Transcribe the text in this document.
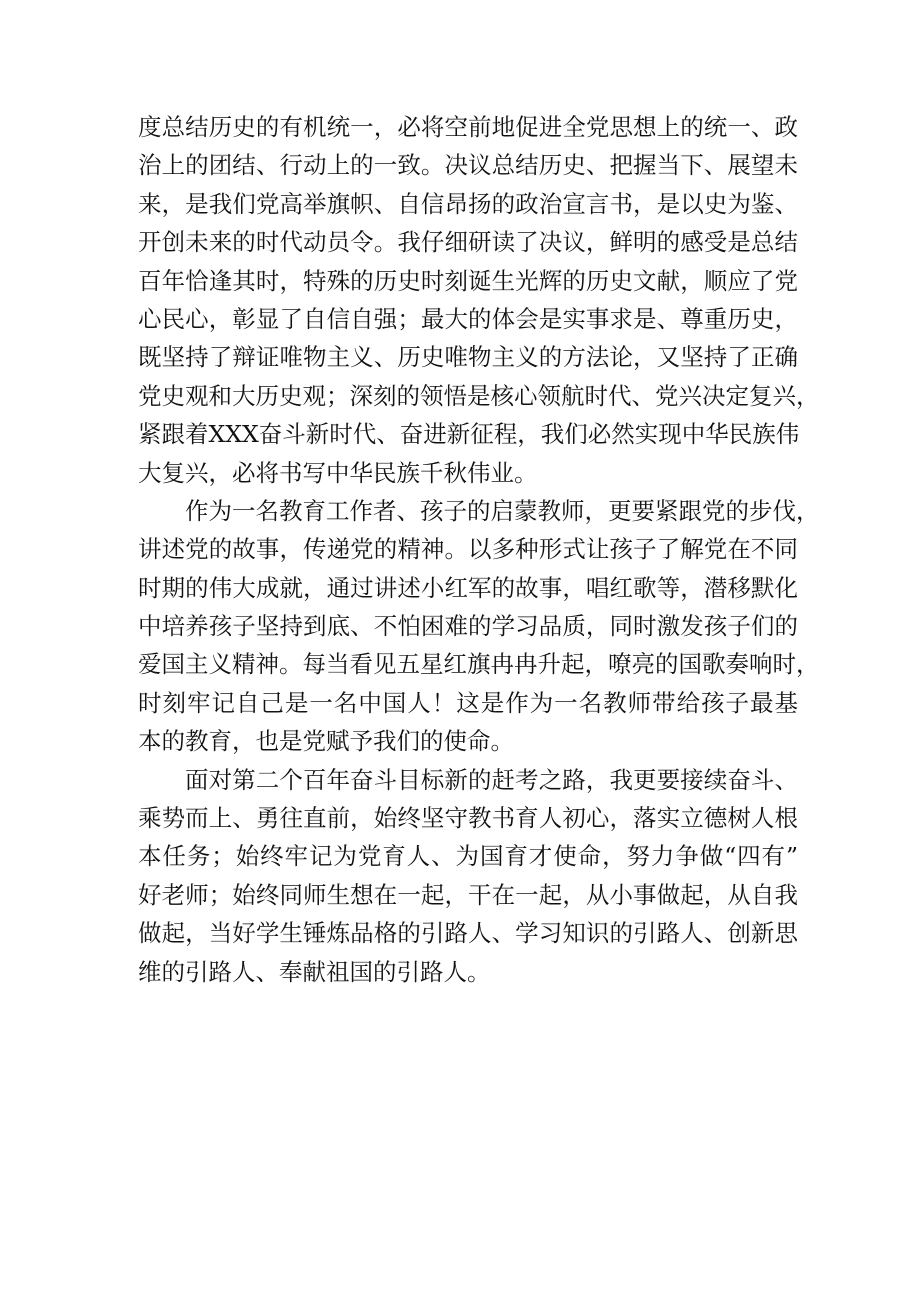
度总结历史的有机统一，必将空前地促进全党思想上的统一、政
治上的团结、行动上的一致。决议总结历史、把握当下、展望未
来，是我们党高举旗帜、自信昂扬的政治宣言书，是以史为鉴、
开创未来的时代动员令。我仔细研读了决议，鲜明的感受是总结
百年恰逢其时，特殊的历史时刻诞生光辉的历史文献，顺应了党
心民心，彰显了自信自强；最大的体会是实事求是、尊重历史，
既坚持了辩证唯物主义、历史唯物主义的方法论，又坚持了正确
党史观和大历史观；深刻的领悟是核心领航时代、党兴决定复兴，
紧跟着XXX奋斗新时代、奋进新征程，我们必然实现中华民族伟
大复兴，必将书写中华民族千秋伟业。
作为一名教育工作者、孩子的启蒙教师，更要紧跟党的步伐，
讲述党的故事，传递党的精神。以多种形式让孩子了解党在不同
时期的伟大成就，通过讲述小红军的故事，唱红歌等，潜移默化
中培养孩子坚持到底、不怕困难的学习品质，同时激发孩子们的
爱国主义精神。每当看见五星红旗冉冉升起，嘹亮的国歌奏响时，
时刻牢记自己是一名中国人！这是作为一名教师带给孩子最基
本的教育，也是党赋予我们的使命。
面对第二个百年奋斗目标新的赶考之路，我更要接续奋斗、
乘势而上、勇往直前，始终坚守教书育人初心，落实立德树人根
本任务；始终牢记为党育人、为国育才使命，努力争做“四有”
好老师；始终同师生想在一起，干在一起，从小事做起，从自我
做起，当好学生锤炼品格的引路人、学习知识的引路人、创新思
维的引路人、奉献祖国的引路人。
